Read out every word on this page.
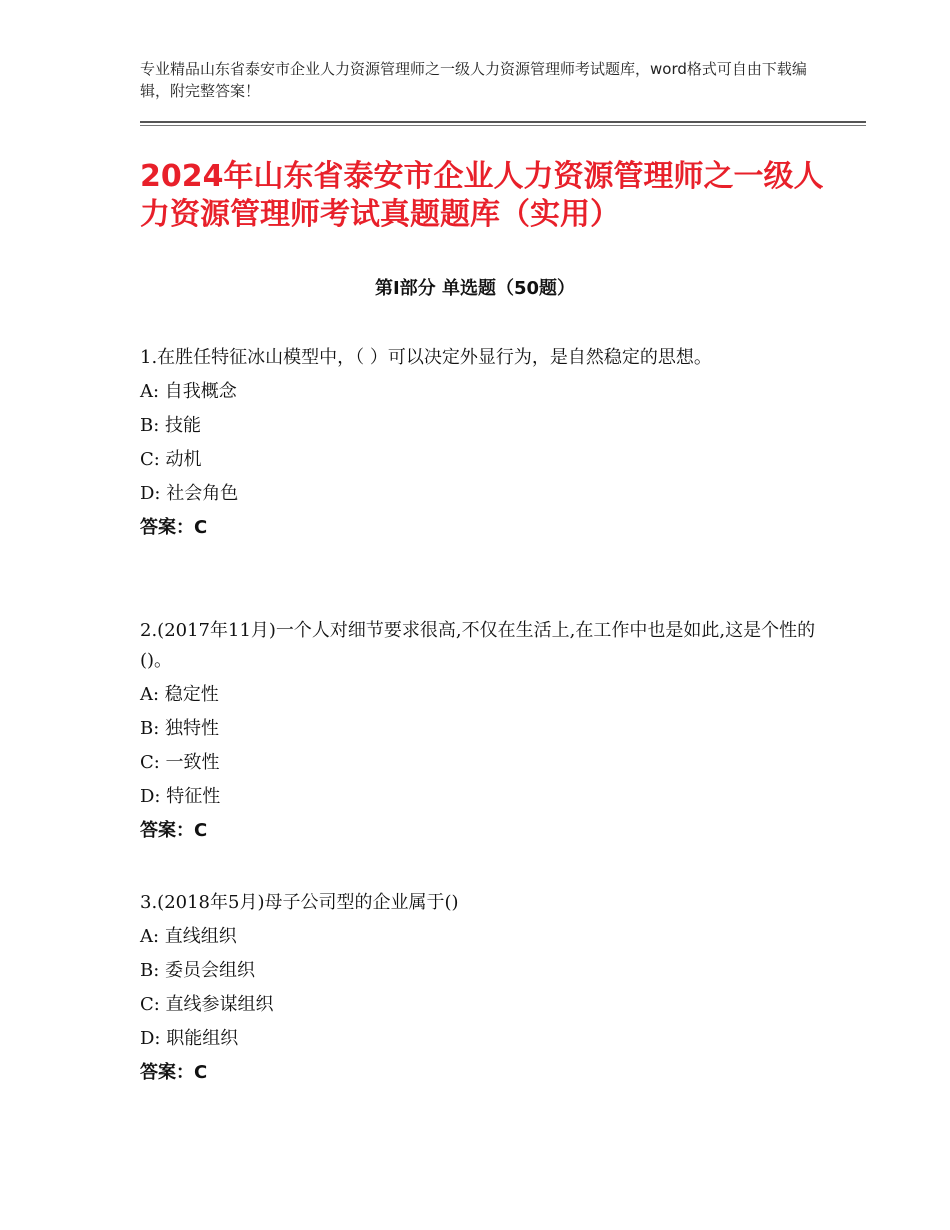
专业精品山东省泰安市企业人力资源管理师之一级人力资源管理师考试题库，word格式可自由下载编辑，附完整答案！
2024年山东省泰安市企业人力资源管理师之一级人力资源管理师考试真题题库（实用）
第Ⅰ部分 单选题（50题）
1.在胜任特征冰山模型中，（ ）可以决定外显行为，是自然稳定的思想。
A: 自我概念
B: 技能
C: 动机
D: 社会角色
答案：C
2.(2017年11月)一个人对细节要求很高,不仅在生活上,在工作中也是如此,这是个性的()。
A: 稳定性
B: 独特性
C: 一致性
D: 特征性
答案：C
3.(2018年5月)母子公司型的企业属于()
A: 直线组织
B: 委员会组织
C: 直线参谋组织
D: 职能组织
答案：C
